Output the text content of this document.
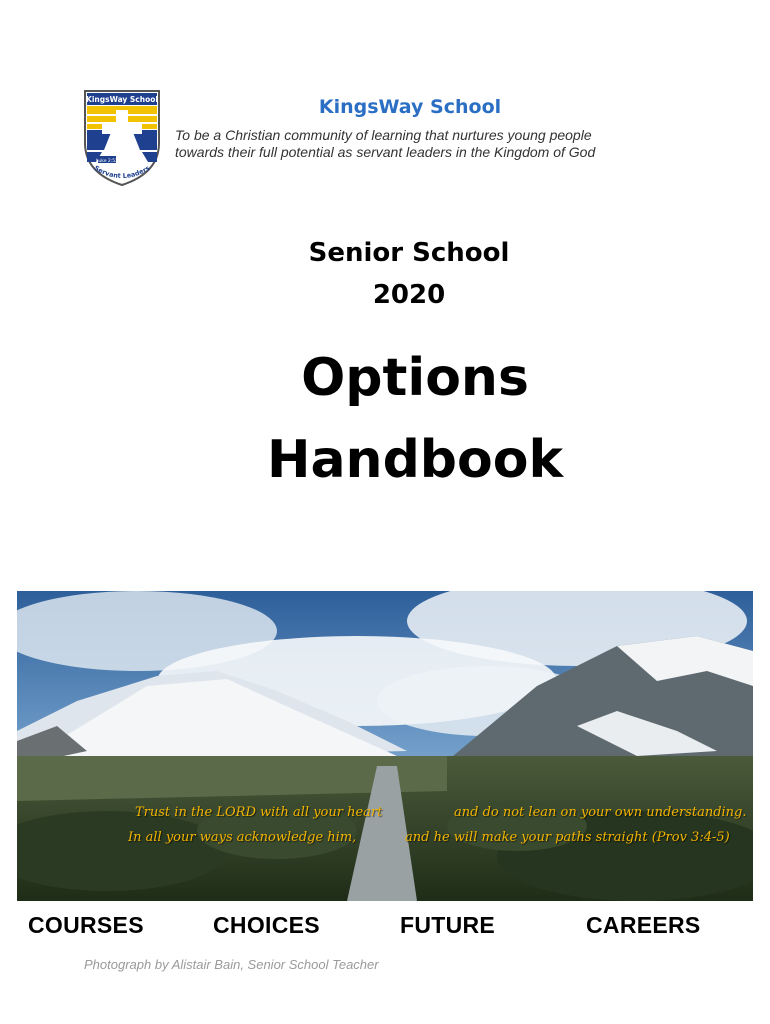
KingsWay School
Luke 2:52
Servant Leaders
KingsWay School
To be a Christian community of learning that nurtures young people
towards their full potential as servant leaders in the Kingdom of God
Senior School
2020
Options
Handbook
Trust in the LORD with all your heart	and do not lean on your own understanding.
In all your ways acknowledge him,	and he will make your paths straight (Prov 3:4-5)
COURSES	CHOICES	FUTURE	CAREERS
Photograph by Alistair Bain, Senior School Teacher
